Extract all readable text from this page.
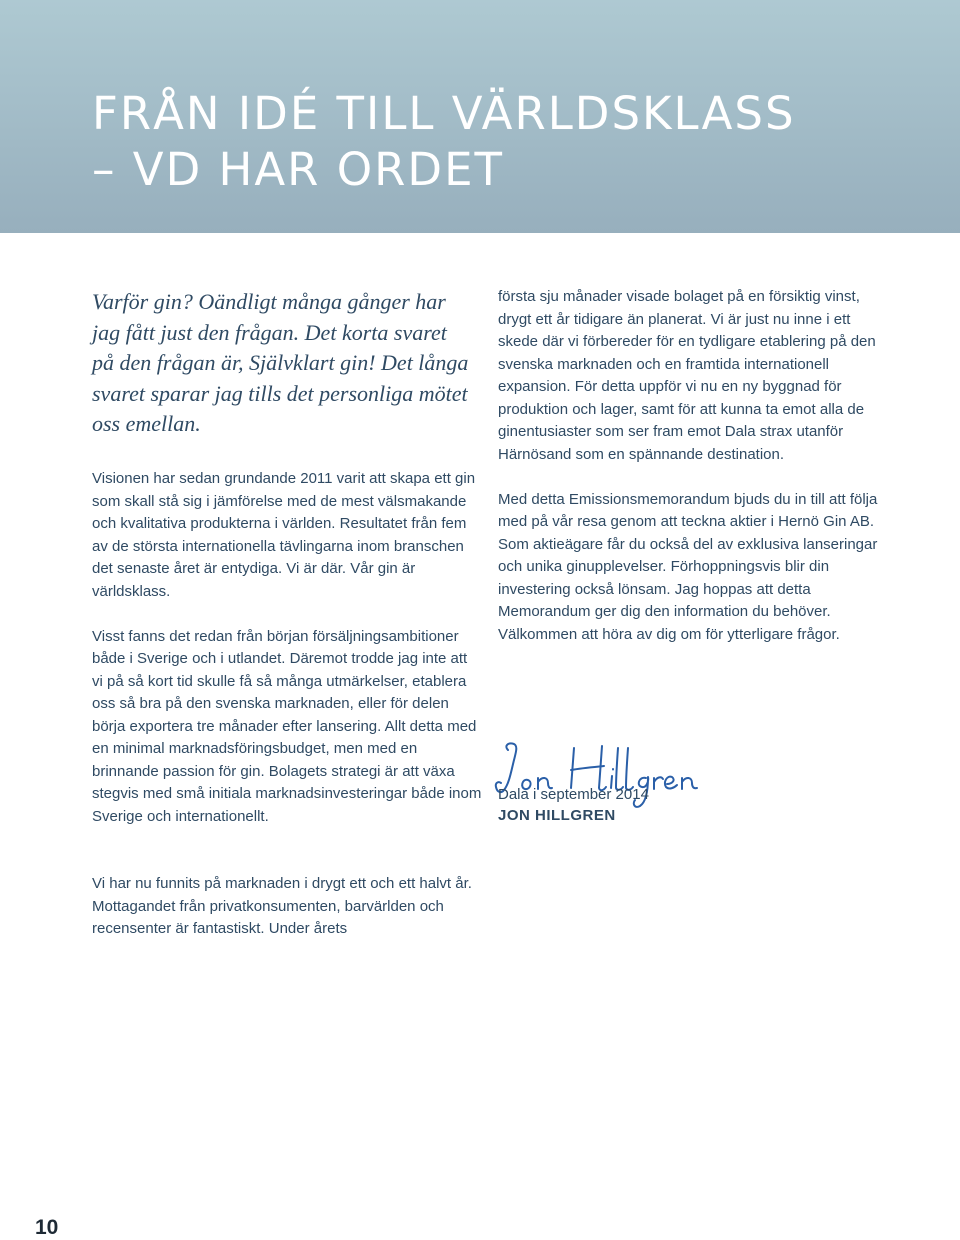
FRÅN IDÉ TILL VÄRLDSKLASS
– VD HAR ORDET

Varför gin? Oändligt många gånger har jag fått just den frågan. Det korta svaret på den frågan är, Självklart gin! Det långa svaret sparar jag tills det personliga mötet oss emellan.

Visionen har sedan grundande 2011 varit att skapa ett gin som skall stå sig i jämförelse med de mest välsmakande och kvalitativa produkterna i världen. Resultatet från fem av de största internationella tävlingarna inom branschen det senaste året är entydiga. Vi är där. Vår gin är världsklass.

Visst fanns det redan från början försäljningsambitioner både i Sverige och i utlandet. Däremot trodde jag inte att vi på så kort tid skulle få så många utmärkelser, etablera oss så bra på den svenska marknaden, eller för delen börja exportera tre månader efter lansering. Allt detta med en minimal marknadsföringsbudget, men med en brinnande passion för gin. Bolagets strategi är att växa stegvis med små initiala marknadsinvesteringar både inom Sverige och internationellt.

Vi har nu funnits på marknaden i drygt ett och ett halvt år. Mottagandet från privatkonsumenten, barvärlden och recensenter är fantastiskt. Under årets

första sju månader visade bolaget på en försiktig vinst, drygt ett år tidigare än planerat. Vi är just nu inne i ett skede där vi förbereder för en tydligare etablering på den svenska marknaden och en framtida internationell expansion. För detta uppför vi nu en ny byggnad för produktion och lager, samt för att kunna ta emot alla de ginentusiaster som ser fram emot Dala strax utanför Härnösand som en spännande destination.

Med detta Emissionsmemorandum bjuds du in till att följa med på vår resa genom att teckna aktier i Hernö Gin AB. Som aktieägare får du också del av exklusiva lanseringar och unika ginupplevelser. Förhoppningsvis blir din investering också lönsam. Jag hoppas att detta Memorandum ger dig den information du behöver. Välkommen att höra av dig om för ytterligare frågor.

Dala i september 2014
JON HILLGREN
10
